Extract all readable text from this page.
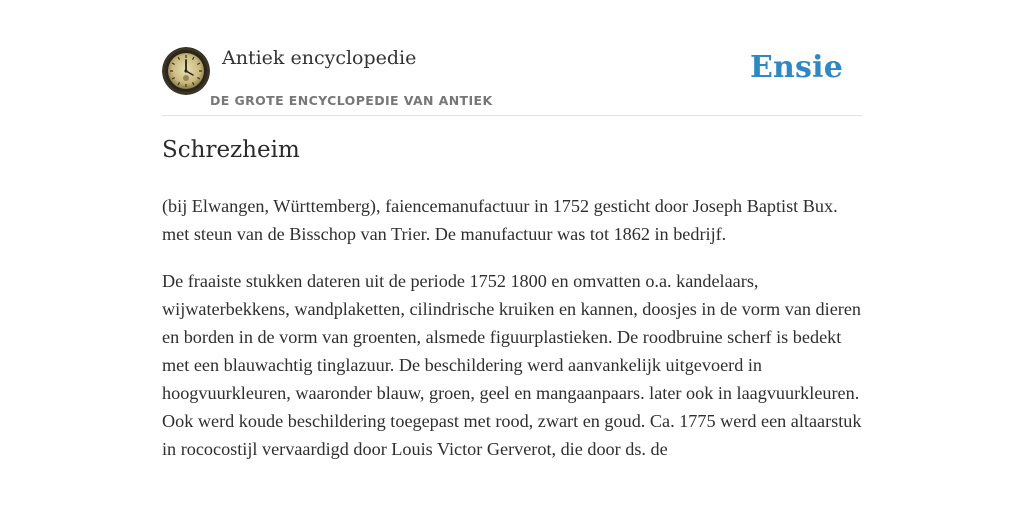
Antiek encyclopedie
DE GROTE ENCYCLOPEDIE VAN ANTIEK
Ensie
Schrezheim

(bij Elwangen, Württemberg), faiencemanufactuur in 1752 gesticht door Joseph Baptist Bux. met steun van de Bisschop van Trier. De manufactuur was tot 1862 in bedrijf.

De fraaiste stukken dateren uit de periode 1752 1800 en omvatten o.a. kandelaars, wijwaterbekkens, wandplaketten, cilindrische kruiken en kannen, doosjes in de vorm van dieren en borden in de vorm van groenten, alsmede figuurplastieken. De roodbruine scherf is bedekt met een blauwachtig tinglazuur. De beschildering werd aanvankelijk uitgevoerd in hoogvuurkleuren, waaronder blauw, groen, geel en mangaanpaars. later ook in laagvuurkleuren. Ook werd koude beschildering toegepast met rood, zwart en goud. Ca. 1775 werd een altaarstuk in rococostijl vervaardigd door Louis Victor Gerverot, die door ds. de
